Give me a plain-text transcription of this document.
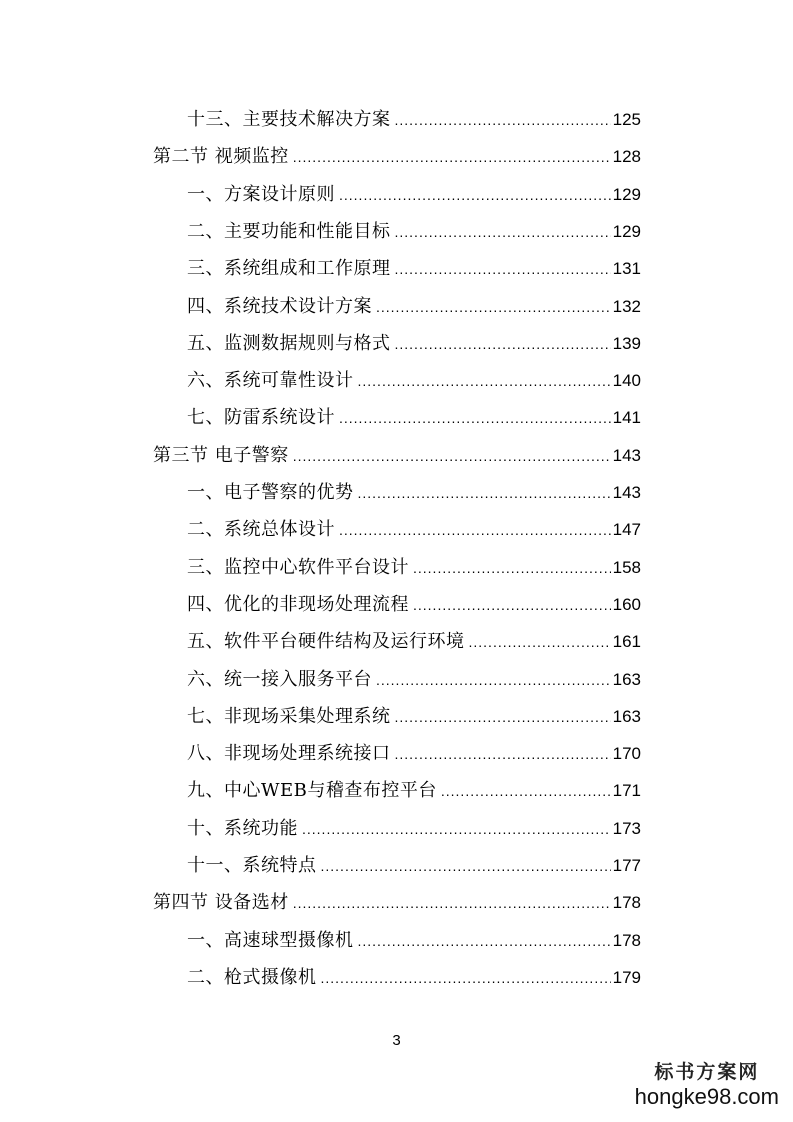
十三、主要技术解决方案 .....	125
第二节 视频监控 .....	128
一、方案设计原则 .....	129
二、主要功能和性能目标 .....	129
三、系统组成和工作原理 .....	131
四、系统技术设计方案 .....	132
五、监测数据规则与格式 .....	139
六、系统可靠性设计 .....	140
七、防雷系统设计 .....	141
第三节 电子警察 .....	143
一、电子警察的优势 .....	143
二、系统总体设计 .....	147
三、监控中心软件平台设计 .....	158
四、优化的非现场处理流程 .....	160
五、软件平台硬件结构及运行环境 .....	161
六、统一接入服务平台 .....	163
七、非现场采集处理系统 .....	163
八、非现场处理系统接口 .....	170
九、中心WEB与稽查布控平台 .....	171
十、系统功能 .....	173
十一、系统特点 .....	177
第四节 设备选材 .....	178
一、高速球型摄像机 .....	178
二、枪式摄像机 .....	179
3
标书方案网
hongke98.com
